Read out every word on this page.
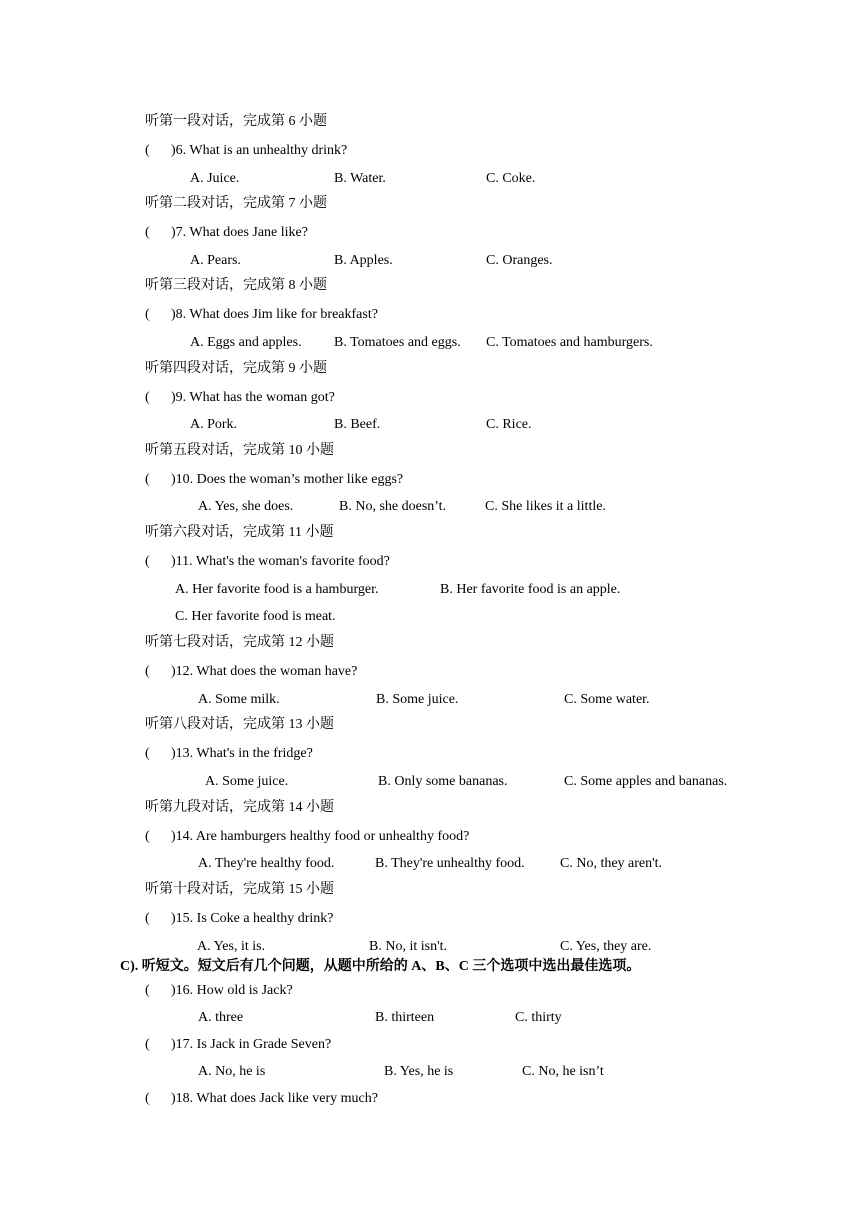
听第一段对话，完成第 6 小题
( )6. What is an unhealthy drink?
A. Juice.	B. Water.	C. Coke.
听第二段对话，完成第 7 小题
( )7. What does Jane like?
A. Pears.	B. Apples.	C. Oranges.
听第三段对话，完成第 8 小题
( )8. What does Jim like for breakfast?
A. Eggs and apples. B. Tomatoes and eggs. C. Tomatoes and hamburgers.
听第四段对话，完成第 9 小题
( )9. What has the woman got?
A. Pork.	B. Beef.	C. Rice.
听第五段对话，完成第 10 小题
( )10. Does the woman’s mother like eggs?
A. Yes, she does.	B. No, she doesn’t.	C. She likes it a little.
听第六段对话，完成第 11 小题
( )11. What's the woman's favorite food?
A. Her favorite food is a hamburger.	B. Her favorite food is an apple.
C. Her favorite food is meat.
听第七段对话，完成第 12 小题
( )12. What does the woman have?
A. Some milk.	B. Some juice.	C. Some water.
听第八段对话，完成第 13 小题
( )13. What's in the fridge?
A. Some juice.	B. Only some bananas.	C. Some apples and bananas.
听第九段对话，完成第 14 小题
( )14. Are hamburgers healthy food or unhealthy food?
A. They're healthy food.	B. They're unhealthy food.	C. No, they aren't.
听第十段对话，完成第 15 小题
( )15. Is Coke a healthy drink?
A. Yes, it is.	B. No, it isn't.	C. Yes, they are.
C). 听短文。短文后有几个问题，从题中所给的 A、B、C 三个选项中选出最佳选项。
( )16. How old is Jack?
A. three	B. thirteen	C. thirty
( )17. Is Jack in Grade Seven?
A. No, he is	B. Yes, he is	C. No, he isn’t
( )18. What does Jack like very much?
